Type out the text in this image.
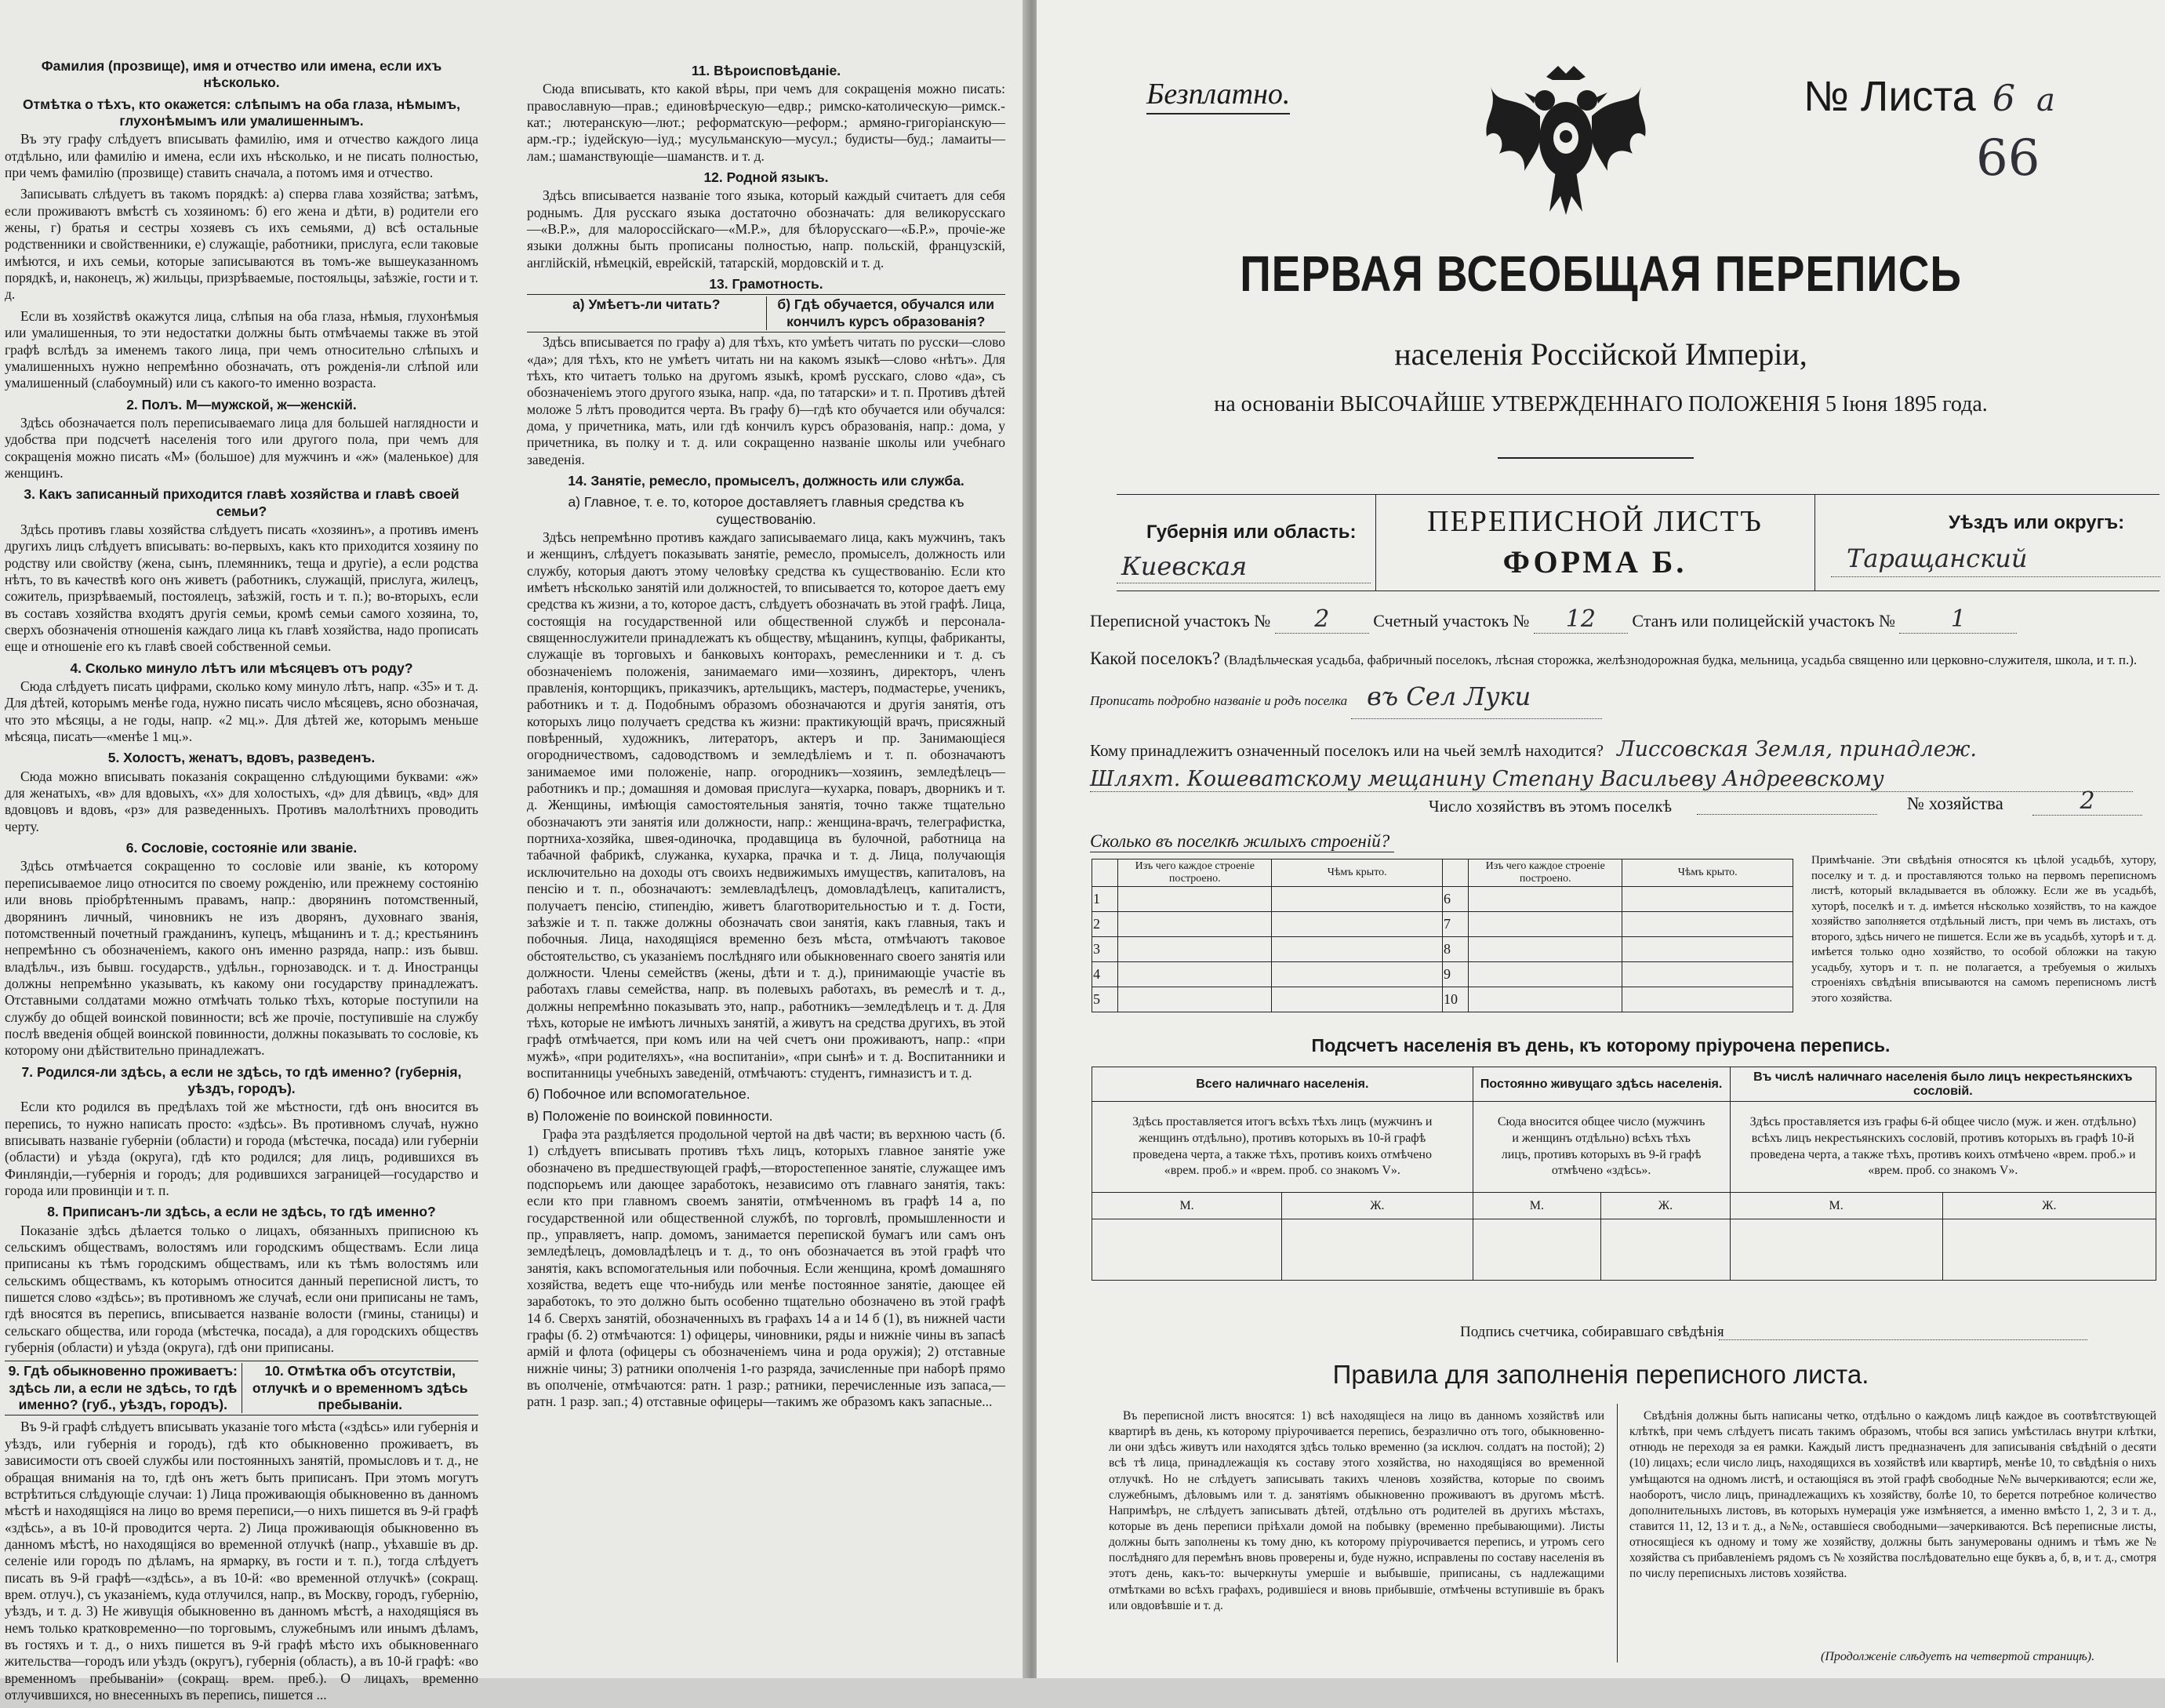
Фамилия (прозвище), имя и отчество или имена, если ихъ нѣсколько.
Отмѣтка о тѣхъ, кто окажется: слѣпымъ на оба глаза, нѣмымъ, глухонѣмымъ или умалишеннымъ.

Въ эту графу слѣдуетъ вписывать фамилію, имя и отчество каждого лица отдѣльно, или фамилію и имена, если ихъ нѣсколько, и не писать полностью, при чемъ фамилію (прозвище) ставить сначала, а потомъ имя и отчество.

Записывать слѣдуетъ въ такомъ порядкѣ: а) сперва глава хозяйства; затѣмъ, если проживаютъ вмѣстѣ съ хозяиномъ: б) его жена и дѣти, в) родители его жены, г) братья и сестры хозяевъ съ ихъ семьями, д) всѣ остальные родственники и свойственники, е) служащіе, работники, прислуга, если таковые имѣются, и ихъ семьи, которые записываются въ томъ-же вышеуказанномъ порядкѣ, и, наконецъ, ж) жильцы, призрѣваемые, постояльцы, заѣзжіе, гости и т. д.

Если въ хозяйствѣ окажутся лица, слѣпыя на оба глаза, нѣмыя, глухонѣмыя или умалишенныя, то эти недостатки должны быть отмѣчаемы также въ этой графѣ вслѣдъ за именемъ такого лица, при чемъ относительно слѣпыхъ и умалишенныхъ нужно непремѣнно обозначать, отъ рожденія-ли слѣпой или умалишенный (слабоумный) или съ какого-то именно возраста.

2. Полъ. М—мужской, ж—женскій.

Здѣсь обозначается полъ переписываемаго лица для большей наглядности и удобства при подсчетѣ населенія того или другого пола, при чемъ для сокращенія можно писать «М» (большое) для мужчинъ и «ж» (маленькое) для женщинъ.

3. Какъ записанный приходится главѣ хозяйства и главѣ своей семьи?

Здѣсь противъ главы хозяйства слѣдуетъ писать «хозяинъ», а противъ именъ другихъ лицъ слѣдуетъ вписывать: во-первыхъ, какъ кто приходится хозяину по родству или свойству (жена, сынъ, племянникъ, теща и другіе), а если родства нѣтъ, то въ качествѣ кого онъ живетъ (работникъ, служащій, прислуга, жилецъ, сожитель, призрѣваемый, постоялецъ, заѣзжій, гость и т. п.); во-вторыхъ, если въ составъ хозяйства входятъ другія семьи, кромѣ семьи самого хозяина, то, сверхъ обозначенія отношенія каждаго лица къ главѣ хозяйства, надо прописать еще и отношеніе его къ главѣ своей собственной семьи.

4. Сколько минуло лѣтъ или мѣсяцевъ отъ роду?

Сюда слѣдуетъ писать цифрами, сколько кому минуло лѣтъ, напр. «35» и т. д. Для дѣтей, которымъ менѣе года, нужно писать число мѣсяцевъ, ясно обозначая, что это мѣсяцы, а не годы, напр. «2 мц.». Для дѣтей же, которымъ меньше мѣсяца, писать—«менѣе 1 мц.».

5. Холостъ, женатъ, вдовъ, разведенъ.

Сюда можно вписывать показанія сокращенно слѣдующими буквами: «ж» для женатыхъ, «в» для вдовыхъ, «х» для холостыхъ, «д» для дѣвицъ, «вд» для вдовцовъ и вдовъ, «рз» для разведенныхъ. Противъ малолѣтнихъ проводить черту.

6. Сословіе, состояніе или званіе.

Здѣсь отмѣчается сокращенно то сословіе или званіе, къ которому переписываемое лицо относится по своему рожденію, или прежнему состоянію или вновь пріобрѣтеннымъ правамъ, напр.: дворянинъ потомственный, дворянинъ личный, чиновникъ не изъ дворянъ, духовнаго званія, потомственный почетный гражданинъ, купецъ, мѣщанинъ и т. д.; крестьянинъ непремѣнно съ обозначеніемъ, какого онъ именно разряда, напр.: изъ бывш. владѣльч., изъ бывш. государств., удѣльн., горнозаводск. и т. д. Иностранцы должны непремѣнно указывать, къ какому они государству принадлежатъ. Отставными солдатами можно отмѣчать только тѣхъ, которые поступили на службу до общей воинской повинности; всѣ же прочіе, поступившіе на службу послѣ введенія общей воинской повинности, должны показывать то сословіе, къ которому они дѣйствительно принадлежатъ.

7. Родился-ли здѣсь, а если не здѣсь, то гдѣ именно? (губернія, уѣздъ, городъ).

Если кто родился въ предѣлахъ той же мѣстности, гдѣ онъ вносится въ перепись, то нужно написать просто: «здѣсь». Въ противномъ случаѣ, нужно вписывать названіе губерніи (области) и города (мѣстечка, посада) или губерніи (области) и уѣзда (округа), гдѣ кто родился; для лицъ, родившихся въ Финляндіи,—губернія и городъ; для родившихся заграницей—государство и города или провинціи и т. п.

8. Приписанъ-ли здѣсь, а если не здѣсь, то гдѣ именно?

Показаніе здѣсь дѣлается только о лицахъ, обязанныхъ приписною къ сельскимъ обществамъ, волостямъ или городскимъ обществамъ. Если лица приписаны къ тѣмъ городскимъ обществамъ, или къ тѣмъ волостямъ или сельскимъ обществамъ, къ которымъ относится данный переписной листъ, то пишется слово «здѣсь»; въ противномъ же случаѣ, если они приписаны не тамъ, гдѣ вносятся въ перепись, вписывается названіе волости (гмины, станицы) и сельскаго общества, или города (мѣстечка, посада), а для городскихъ обществъ губернія (области) и уѣзда (округа), гдѣ они приписаны.

9. Гдѣ обыкновенно проживаетъ: здѣсь ли, а если не здѣсь, то гдѣ именно? (губ., уѣздъ, городъ).
10. Отмѣтка объ отсутствіи, отлучкѣ и о временномъ здѣсь пребываніи.

Въ 9-й графѣ слѣдуетъ вписывать указаніе того мѣста («здѣсь» или губернія и уѣздъ, или губернія и городъ), гдѣ кто обыкновенно проживаетъ, въ зависимости отъ своей службы или постоянныхъ занятій, промысловъ и т. д., не обращая вниманія на то, гдѣ онъ жетъ быть приписанъ. При этомъ могутъ встрѣтиться слѣдующіе случаи: 1) Лица проживающія обыкновенно въ данномъ мѣстѣ и находящіяся на лицо во время переписи,—о нихъ пишется въ 9-й графѣ «здѣсь», а въ 10-й проводится черта. 2) Лица проживающія обыкновенно въ данномъ мѣстѣ, но находящіяся во временной отлучкѣ (напр., уѣхавшіе въ др. селеніе или городъ по дѣламъ, на ярмарку, въ гости и т. п.), тогда слѣдуетъ писать въ 9-й графѣ—«здѣсь», а въ 10-й: «во временной отлучкѣ» (сокращ. врем. отлуч.), съ указаніемъ, куда отлучился, напр., въ Москву, городъ, губернію, уѣздъ, и т. д. 3) Не живущія обыкновенно въ данномъ мѣстѣ, а находящіяся въ немъ только кратковременно—по торговымъ, служебнымъ или инымъ дѣламъ, въ гостяхъ и т. д., о нихъ пишется въ 9-й графѣ мѣсто ихъ обыкновеннаго жительства—городъ или уѣздъ (округъ), губернія (область), а въ 10-й графѣ: «во временномъ пребываніи» (сокращ. врем. преб.). О лицахъ, временно отлучившихся, но внесенныхъ въ перепись, пишется ...

11. Вѣроисповѣданіе.

Сюда вписывать, кто какой вѣры, при чемъ для сокращенія можно писать: православную—прав.; единовѣрческую—едвр.; римско-католическую—римск.-кат.; лютеранскую—лют.; реформатскую—реформ.; армяно-григоріанскую—арм.-гр.; іудейскую—іуд.; мусульманскую—мусул.; будисты—буд.; ламаиты—лам.; шаманствующіе—шаманств. и т. д.

12. Родной языкъ.

Здѣсь вписывается названіе того языка, который каждый считаетъ для себя роднымъ. Для русскаго языка достаточно обозначать: для великорусскаго—«В.Р.», для малороссійскаго—«М.Р.», для бѣлорусскаго—«Б.Р.», прочіе-же языки должны быть прописаны полностью, напр. польскій, французскій, англійскій, нѣмецкій, еврейскій, татарскій, мордовскій и т. д.

13. Грамотность.
а) Умѣетъ-ли читать?	б) Гдѣ обучается, обучался или кончилъ курсъ образованія?

Здѣсь вписывается по графу а) для тѣхъ, кто умѣетъ читать по русски—слово «да»; для тѣхъ, кто не умѣетъ читать ни на какомъ языкѣ—слово «нѣтъ». Для тѣхъ, кто читаетъ только на другомъ языкѣ, кромѣ русскаго, слово «да», съ обозначеніемъ этого другого языка, напр. «да, по татарски» и т. п. Противъ дѣтей моложе 5 лѣтъ проводится черта. Въ графу б)—гдѣ кто обучается или обучался: дома, у причетника, мать, или гдѣ кончилъ курсъ образованія, напр.: дома, у причетника, въ полку и т. д. или сокращенно названіе школы или учебнаго заведенія.

14. Занятіе, ремесло, промыселъ, должность или служба.
а) Главное, т. е. то, которое доставляетъ главныя средства къ существованію.

Здѣсь непремѣнно противъ каждаго записываемаго лица, какъ мужчинъ, такъ и женщинъ, слѣдуетъ показывать занятіе, ремесло, промыселъ, должность или службу, которыя даютъ этому человѣку средства къ существованію. Если кто имѣетъ нѣсколько занятій или должностей, то вписывается то, которое даетъ ему средства къ жизни, а то, которое дастъ, слѣдуетъ обозначать въ этой графѣ. Лица, состоящія на государственной или общественной службѣ и персонала-священнослужители принадлежатъ къ обществу, мѣщанинъ, купцы, фабриканты, служащіе въ торговыхъ и банковыхъ конторахъ, ремесленники и т. д. съ обозначеніемъ положенія, занимаемаго ими—хозяинъ, директоръ, членъ правленія, конторщикъ, приказчикъ, артельщикъ, мастеръ, подмастерье, ученикъ, работникъ и т. д. Подобнымъ образомъ обозначаются и другія занятія, отъ которыхъ лицо получаетъ средства къ жизни: практикующій врачъ, присяжный повѣренный, художникъ, литераторъ, актеръ и пр. Занимающіеся огородничествомъ, садоводствомъ и земледѣліемъ и т. п. обозначаютъ занимаемое ими положеніе, напр. огородникъ—хозяинъ, земледѣлецъ—работникъ и пр.; домашняя и домовая прислуга—кухарка, поваръ, дворникъ и т. д. Женщины, имѣющія самостоятельныя занятія, точно также тщательно обозначаютъ эти занятія или должности, напр.: женщина-врачъ, телеграфистка, портниха-хозяйка, швея-одиночка, продавщица въ булочной, работница на табачной фабрикѣ, служанка, кухарка, прачка и т. д. Лица, получающія исключительно на доходы отъ своихъ недвижимыхъ имуществъ, капиталовъ, на пенсію и т. п., обозначаютъ: землевладѣлецъ, домовладѣлецъ, капиталистъ, получаетъ пенсію, стипендію, живетъ благотворительностью и т. д. Гости, заѣзжіе и т. п. также должны обозначать свои занятія, какъ главныя, такъ и побочныя. Лица, находящіяся временно безъ мѣста, отмѣчаютъ таковое обстоятельство, съ указаніемъ послѣдняго или обыкновеннаго своего занятія или должности. Члены семействъ (жены, дѣти и т. д.), принимающіе участіе въ работахъ главы семейства, напр. въ полевыхъ работахъ, въ ремеслѣ и т. д., должны непремѣнно показывать это, напр., работникъ—земледѣлецъ и т. д. Для тѣхъ, которые не имѣютъ личныхъ занятій, а живутъ на средства другихъ, въ этой графѣ отмѣчается, при комъ или на чей счетъ они проживаютъ, напр.: «при мужѣ», «при родителяхъ», «на воспитаніи», «при сынѣ» и т. д. Воспитанники и воспитанницы учебныхъ заведеній, отмѣчаютъ: студентъ, гимназистъ и т. д.

б) Побочное или вспомогательное.
в) Положеніе по воинской повинности.

Графа эта раздѣляется продольной чертой на двѣ части; въ верхнюю часть (б. 1) слѣдуетъ вписывать противъ тѣхъ лицъ, которыхъ главное занятіе уже обозначено въ предшествующей графѣ,—второстепенное занятіе, служащее имъ подспорьемъ или дающее заработокъ, независимо отъ главнаго занятія, такъ: если кто при главномъ своемъ занятіи, отмѣченномъ въ графѣ 14 а, по государственной или общественной службѣ, по торговлѣ, промышленности и пр., управляетъ, напр. домомъ, занимается перепиской бумагъ или самъ онъ земледѣлецъ, домовладѣлецъ и т. д., то онъ обозначается въ этой графѣ что занятія, какъ вспомогательныя или побочныя. Если женщина, кромѣ домашняго хозяйства, ведетъ еще что-нибудь или менѣе постоянное занятіе, дающее ей заработокъ, то это должно быть особенно тщательно обозначено въ этой графѣ 14 б. Сверхъ занятій, обозначенныхъ въ графахъ 14 а и 14 б (1), въ нижней части графы (б. 2) отмѣчаются: 1) офицеры, чиновники, ряды и нижніе чины въ запасѣ армій и флота (офицеры съ обозначеніемъ чина и рода оружія); 2) отставные нижніе чины; 3) ратники ополченія 1-го разряда, зачисленные при наборѣ прямо въ ополченіе, отмѣчаются: ратн. 1 разр.; ратники, перечисленные изъ запаса,—ратн. 1 разр. зап.; 4) отставные офицеры—такимъ же образомъ какъ запасные...

Безплатно.	№ Листа 6 а
66
ПЕРВАЯ ВСЕОБЩАЯ ПЕРЕПИСЬ
населенія Россійской Имперіи,
на основаніи ВЫСОЧАЙШЕ УТВЕРЖДЕННАГО ПОЛОЖЕНІЯ 5 Іюня 1895 года.
Губернія или область:
Киевская
ПЕРЕПИСНОЙ ЛИСТЪ
ФОРМА Б.
Уѣздъ или округъ:
Таращанский
Переписной участокъ № 2	Счетный участокъ № 12 Станъ или полицейскій участокъ № 1
Какой поселокъ? (Владѣльческая усадьба, фабричный поселокъ, лѣсная сторожка, желѣзнодорожная будка, мельница, усадьба священно или церковно-служителя, школа, и т. п.). Прописать подробно названіе и родъ поселка въ Сел Луки
Кому принадлежитъ означенный поселокъ или на чьей землѣ находится? Лиссовская Земля, принадлеж.
Шляхт. Кошеватскому мещанину Степану Васильеву Андреевскому
Число хозяйствъ въ этомъ поселкѣ	№ хозяйства	2
Сколько въ поселкѣ жилыхъ строеній?
	Изъ чего каждое строеніе построено.	Чѣмъ крыто.		Изъ чего каждое строеніе построено.	Чѣмъ крыто.
1			6		
2			7		
3			8		
4			9		
5			10		
Примѣчаніе. Эти свѣдѣнія относятся къ цѣлой усадьбѣ, хутору, поселку и т. д. и проставляются только на первомъ переписномъ листѣ, который вкладывается въ обложку. Если же въ усадьбѣ, хуторѣ, поселкѣ и т. д. имѣется нѣсколько хозяйствъ, то на каждое хозяйство заполняется отдѣльный листъ, при чемъ въ листахъ, отъ второго, здѣсь ничего не пишется. Если же въ усадьбѣ, хуторѣ и т. д. имѣется только одно хозяйство, то особой обложки на такую усадьбу, хуторъ и т. п. не полагается, а требуемыя о жилыхъ строеніяхъ свѣдѣнія вписываются на самомъ переписномъ листѣ этого хозяйства.
Подсчетъ населенія въ день, къ которому пріурочена перепись.
Всего наличнаго населенія.		Постоянно живущаго здѣсь населенія.		Въ числѣ наличнаго населенія было лицъ некрестьянскихъ сословій.	
Здѣсь проставляется итогъ всѣхъ тѣхъ лицъ (мужчинъ и женщинъ отдѣльно), противъ которыхъ въ 10-й графѣ проведена черта, а также тѣхъ, противъ коихъ отмѣчено «врем. проб.» и «врем. проб. со знакомъ V».		Сюда вносится общее число (мужчинъ и женщинъ отдѣльно) всѣхъ тѣхъ лицъ, противъ которыхъ въ 9-й графѣ отмѣчено «здѣсь».		Здѣсь проставляется изъ графы 6-й общее число (муж. и жен. отдѣльно) всѣхъ лицъ некрестьянскихъ сословій, противъ которыхъ въ графѣ 10-й проведена черта, а также тѣхъ, противъ коихъ отмѣчено «врем. проб.» и «врем. проб. со знакомъ V».	
М.	Ж.	М.	Ж.	М.	Ж.

Подпись счетчика, собиравшаго свѣдѣнія
Правила для заполненія переписного листа.
Въ переписной листъ вносятся: 1) всѣ находящіеся на лицо въ данномъ хозяйствѣ или квартирѣ въ день, къ которому пріурочивается перепись, безразлично отъ того, обыкновенно-ли они здѣсь живутъ или находятся здѣсь только временно (за исключ. солдатъ на постой); 2) всѣ тѣ лица, принадлежащія къ составу этого хозяйства, но находящіяся во временной отлучкѣ. Но не слѣдуетъ записывать такихъ членовъ хозяйства, которые по своимъ служебнымъ, дѣловымъ или т. д. занятіямъ обыкновенно проживаютъ въ другомъ мѣстѣ. Напримѣръ, не слѣдуетъ записывать дѣтей, отдѣльно отъ родителей въ другихъ мѣстахъ, которые въ день переписи пріѣхали домой на побывку (временно пребывающими). Листы должны быть заполнены къ тому дню, къ которому пріурочивается перепись, и утромъ сего послѣдняго для перемѣнъ вновь проверены и, буде нужно, исправлены по составу населенія въ этотъ день, какъ-то: вычеркнуты умершіе и выбывшіе, приписаны, съ надлежащими отмѣтками во всѣхъ графахъ, родившіеся и вновь прибывшіе, отмѣчены вступившіе въ бракъ или овдовѣвшіе и т. д.
Свѣдѣнія должны быть написаны четко, отдѣльно о каждомъ лицѣ каждое въ соотвѣтствующей клѣткѣ, при чемъ слѣдуетъ писать такимъ образомъ, чтобы вся запись умѣстилась внутри клѣтки, отнюдь не переходя за ея рамки. Каждый листъ предназначенъ для записыванія свѣдѣній о десяти (10) лицахъ; если число лицъ, находящихся въ хозяйствѣ или квартирѣ, менѣе 10, то свѣдѣнія о нихъ умѣщаются на одномъ листѣ, и остающіяся въ этой графѣ свободные №№ вычеркиваются; если же, наоборотъ, число лицъ, принадлежащихъ къ хозяйству, болѣе 10, то берется потребное количество дополнительныхъ листовъ, въ которыхъ нумерація уже измѣняется, а именно вмѣсто 1, 2, 3 и т. д., ставится 11, 12, 13 и т. д., а №№, оставшіеся свободными—зачеркиваются. Всѣ переписные листы, относящіеся къ одному и тому же хозяйству, должны быть занумерованы однимъ и тѣмъ же № хозяйства съ прибавленіемъ рядомъ съ № хозяйства послѣдовательно еще буквъ а, б, в, и т. д., смотря по числу переписныхъ листовъ хозяйства.
(Продолженіе слѣдуетъ на четвертой страницѣ).
